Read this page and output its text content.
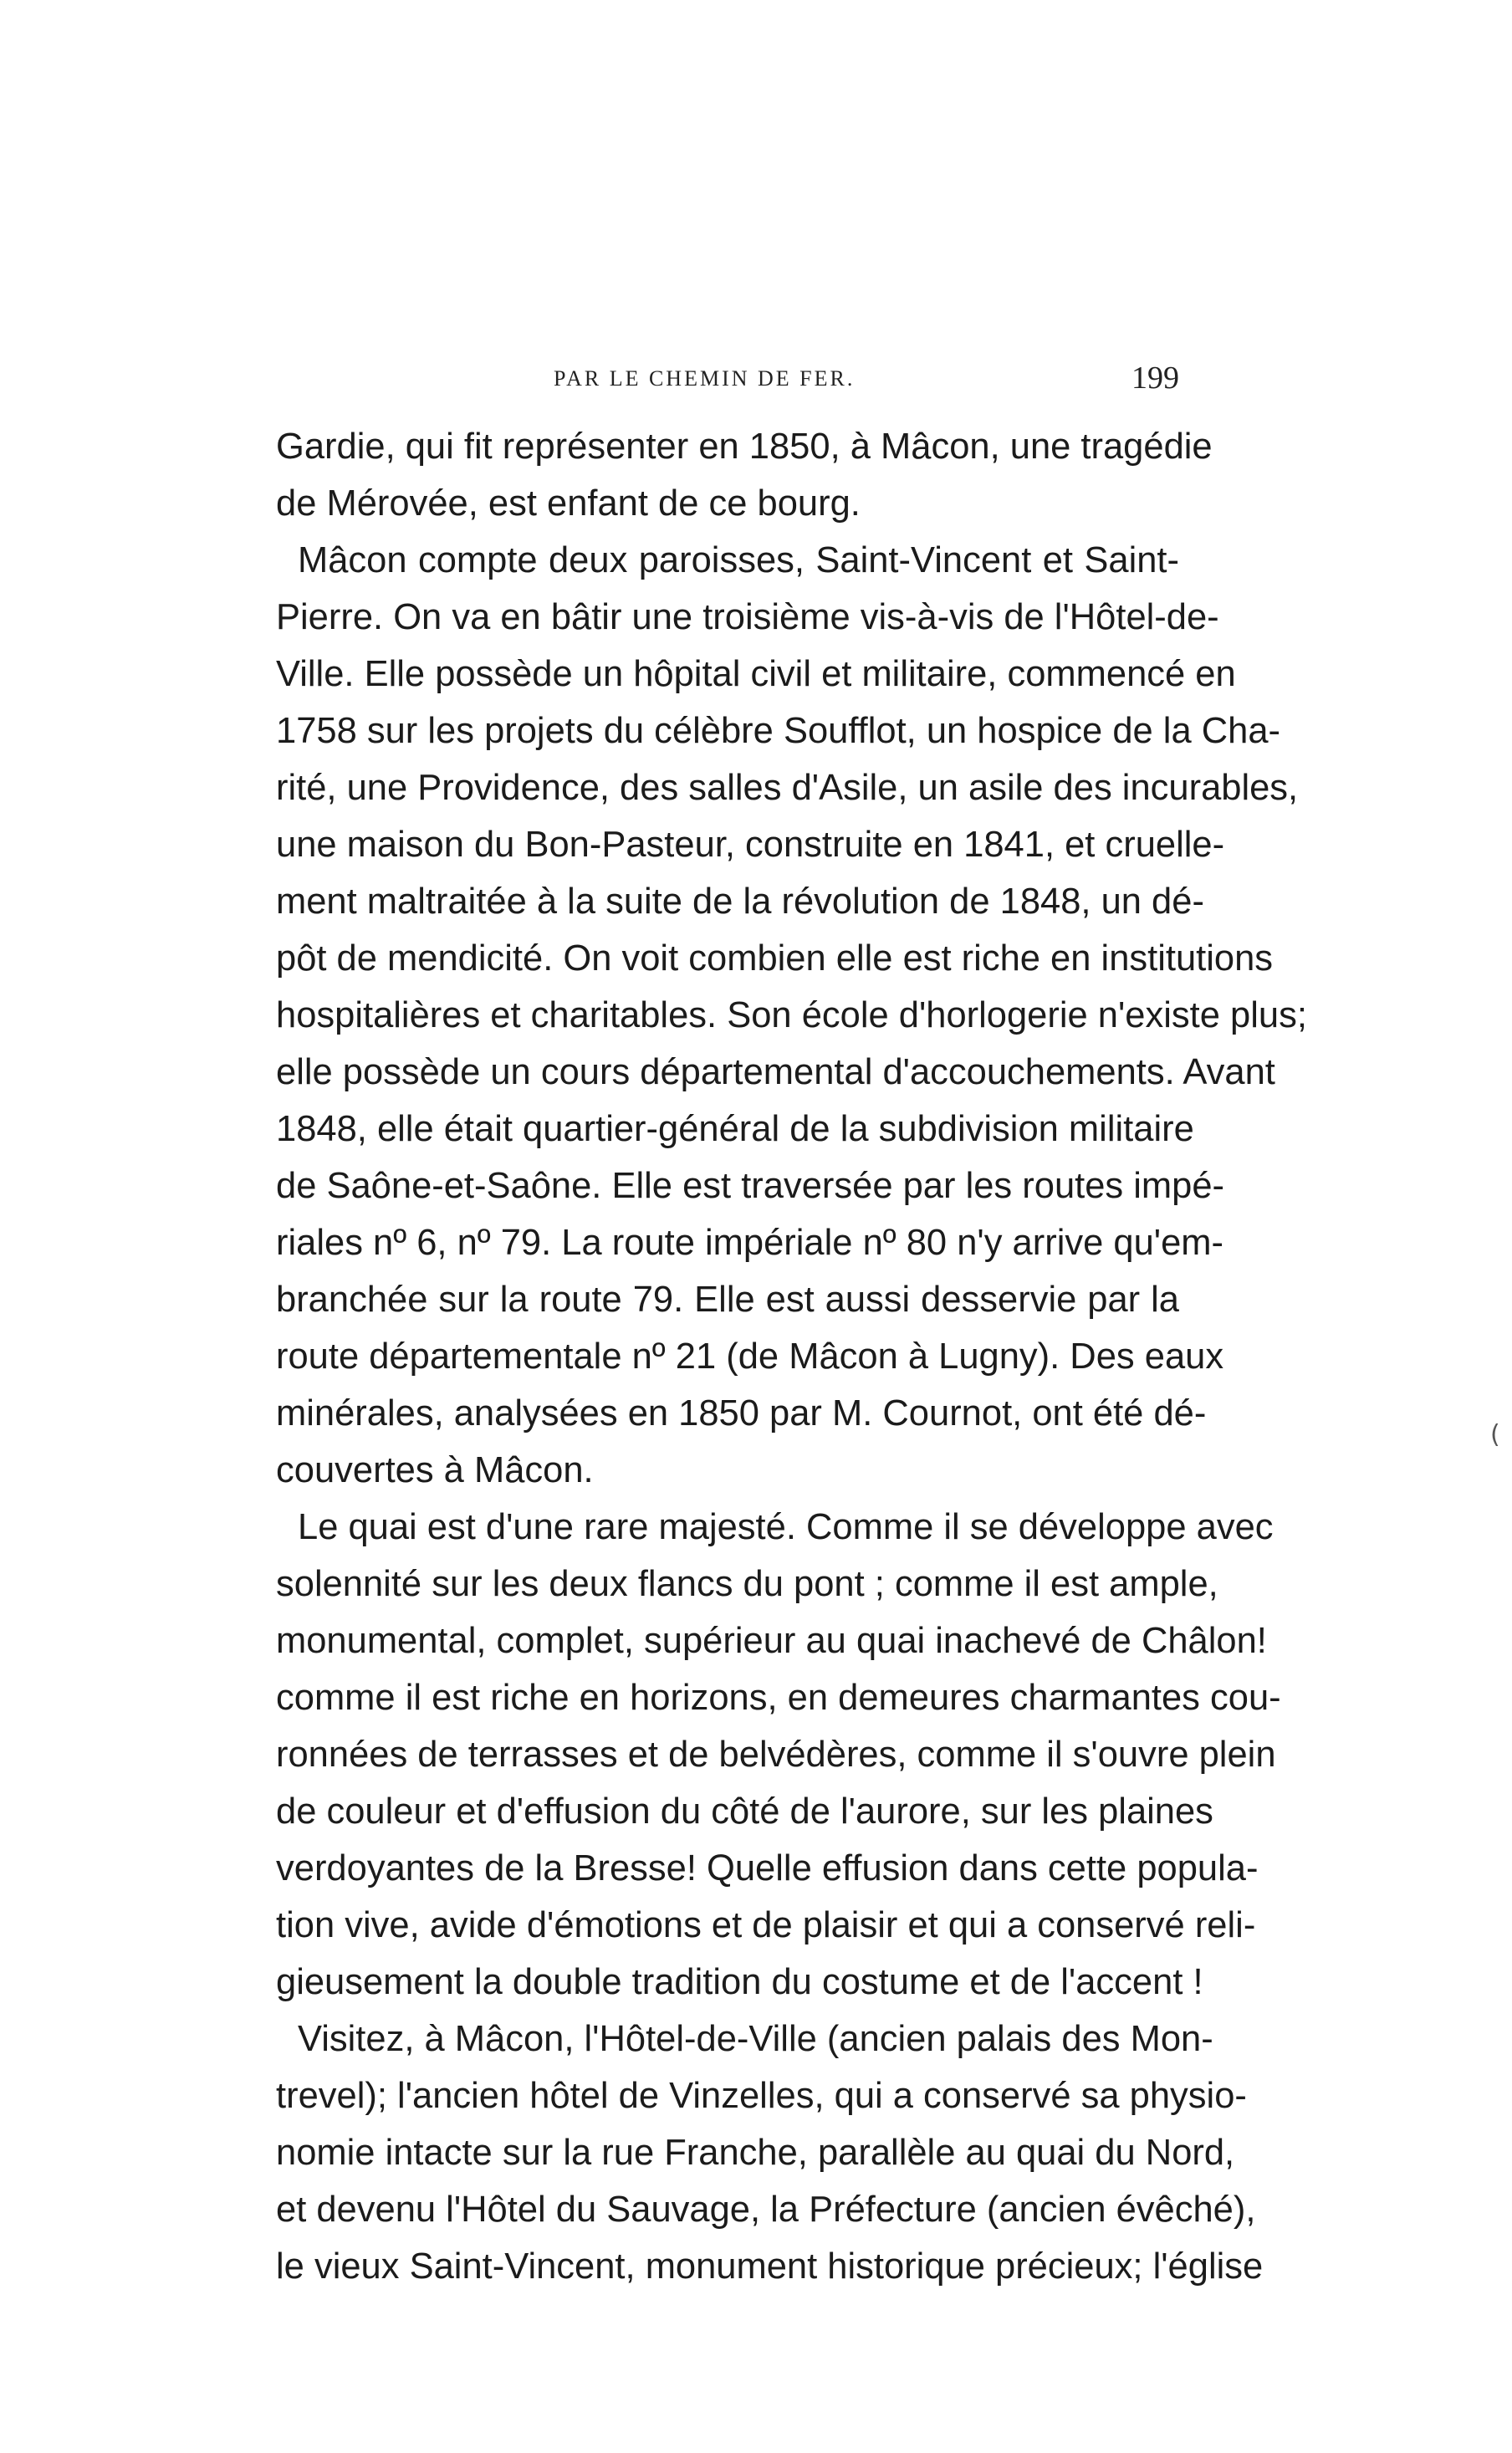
PAR LE CHEMIN DE FER.	199
Gardie, qui fit représenter en 1850, à Mâcon, une tragédie
de Mérovée, est enfant de ce bourg.
Mâcon compte deux paroisses, Saint-Vincent et Saint-
Pierre. On va en bâtir une troisième vis-à-vis de l'Hôtel-de-
Ville. Elle possède un hôpital civil et militaire, commencé en
1758 sur les projets du célèbre Soufflot, un hospice de la Cha-
rité, une Providence, des salles d'Asile, un asile des incurables,
une maison du Bon-Pasteur, construite en 1841, et cruelle-
ment maltraitée à la suite de la révolution de 1848, un dé-
pôt de mendicité. On voit combien elle est riche en institutions
hospitalières et charitables. Son école d'horlogerie n'existe plus;
elle possède un cours départemental d'accouchements. Avant
1848, elle était quartier-général de la subdivision militaire
de Saône-et-Saône. Elle est traversée par les routes impé-
riales nº 6, nº 79. La route impériale nº 80 n'y arrive qu'em-
branchée sur la route 79. Elle est aussi desservie par la
route départementale nº 21 (de Mâcon à Lugny). Des eaux
minérales, analysées en 1850 par M. Cournot, ont été dé-
couvertes à Mâcon.
Le quai est d'une rare majesté. Comme il se développe avec
solennité sur les deux flancs du pont ; comme il est ample,
monumental, complet, supérieur au quai inachevé de Châlon!
comme il est riche en horizons, en demeures charmantes cou-
ronnées de terrasses et de belvédères, comme il s'ouvre plein
de couleur et d'effusion du côté de l'aurore, sur les plaines
verdoyantes de la Bresse! Quelle effusion dans cette popula-
tion vive, avide d'émotions et de plaisir et qui a conservé reli-
gieusement la double tradition du costume et de l'accent !
Visitez, à Mâcon, l'Hôtel-de-Ville (ancien palais des Mon-
trevel); l'ancien hôtel de Vinzelles, qui a conservé sa physio-
nomie intacte sur la rue Franche, parallèle au quai du Nord,
et devenu l'Hôtel du Sauvage, la Préfecture (ancien évêché),
le vieux Saint-Vincent, monument historique précieux; l'église
(
